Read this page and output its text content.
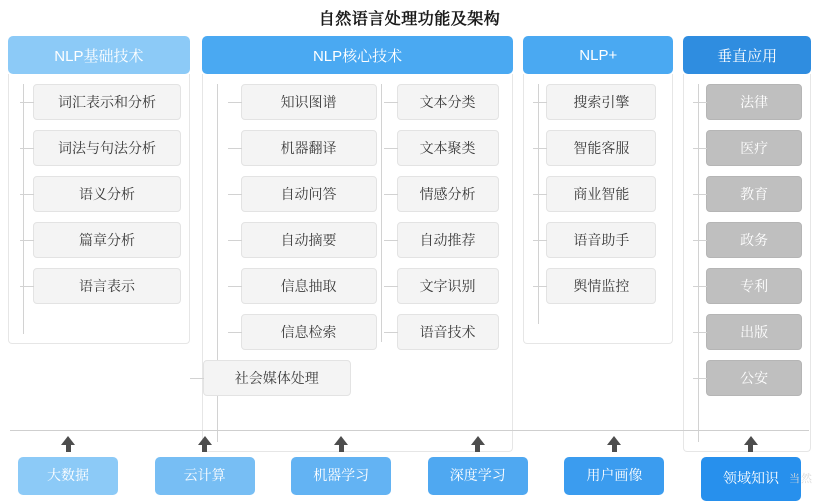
自然语言处理功能及架构
NLP基础技术
词汇表示和分析
词法与句法分析
语义分析
篇章分析
语言表示
NLP核心技术
知识图谱
机器翻译
自动问答
自动摘要
信息抽取
信息检索
文本分类
文本聚类
情感分析
自动推荐
文字识别
语音技术
社会媒体处理
NLP+
搜索引擎
智能客服
商业智能
语音助手
舆情监控
垂直应用
法律
医疗
教育
政务
专利
出版
公安
大数据	云计算	机器学习	深度学习	用户画像	领域知识 当然
